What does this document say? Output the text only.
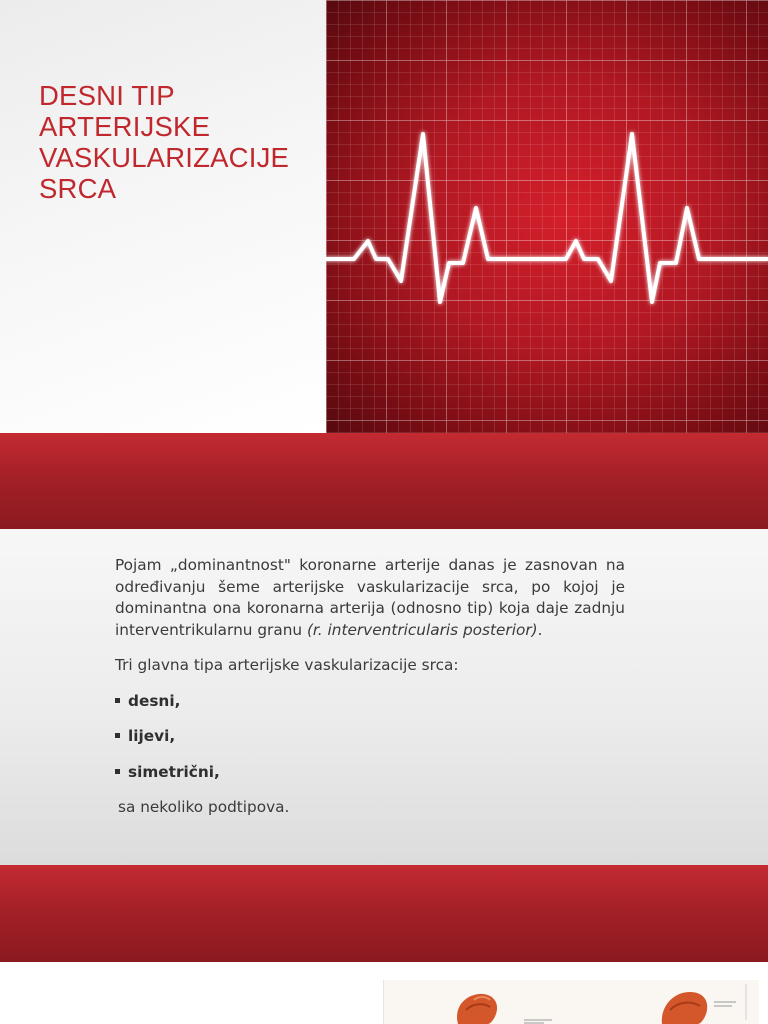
DESNI TIP
ARTERIJSKE
VASKULARIZACIJE
SRCA

Pojam „dominantnost" koronarne arterije danas je zasnovan na određivanju šeme arterijske vaskularizacije srca, po kojoj je dominantna ona koronarna arterija (odnosno tip) koja daje zadnju interventrikularnu granu (r. interventricularis posterior).

Tri glavna tipa arterijske vaskularizacije srca:

desni,
lijevi,
simetrični,

sa nekoliko podtipova.
